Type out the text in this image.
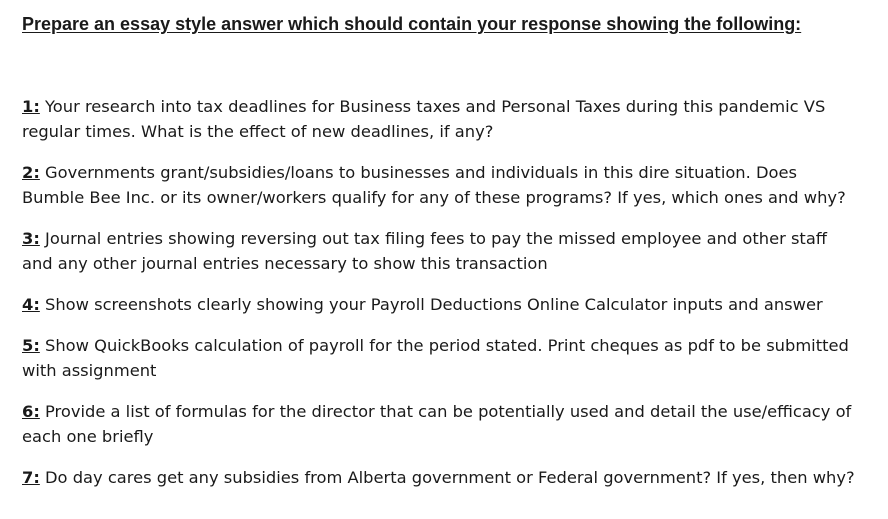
Prepare an essay style answer which should contain your response showing the following:
1: Your research into tax deadlines for Business taxes and Personal Taxes during this pandemic VS regular times. What is the effect of new deadlines, if any?
2: Governments grant/subsidies/loans to businesses and individuals in this dire situation. Does Bumble Bee Inc. or its owner/workers qualify for any of these programs? If yes, which ones and why?
3: Journal entries showing reversing out tax filing fees to pay the missed employee and other staff and any other journal entries necessary to show this transaction
4: Show screenshots clearly showing your Payroll Deductions Online Calculator inputs and answer
5: Show QuickBooks calculation of payroll for the period stated. Print cheques as pdf to be submitted with assignment
6: Provide a list of formulas for the director that can be potentially used and detail the use/efficacy of each one briefly
7: Do day cares get any subsidies from Alberta government or Federal government? If yes, then why?
